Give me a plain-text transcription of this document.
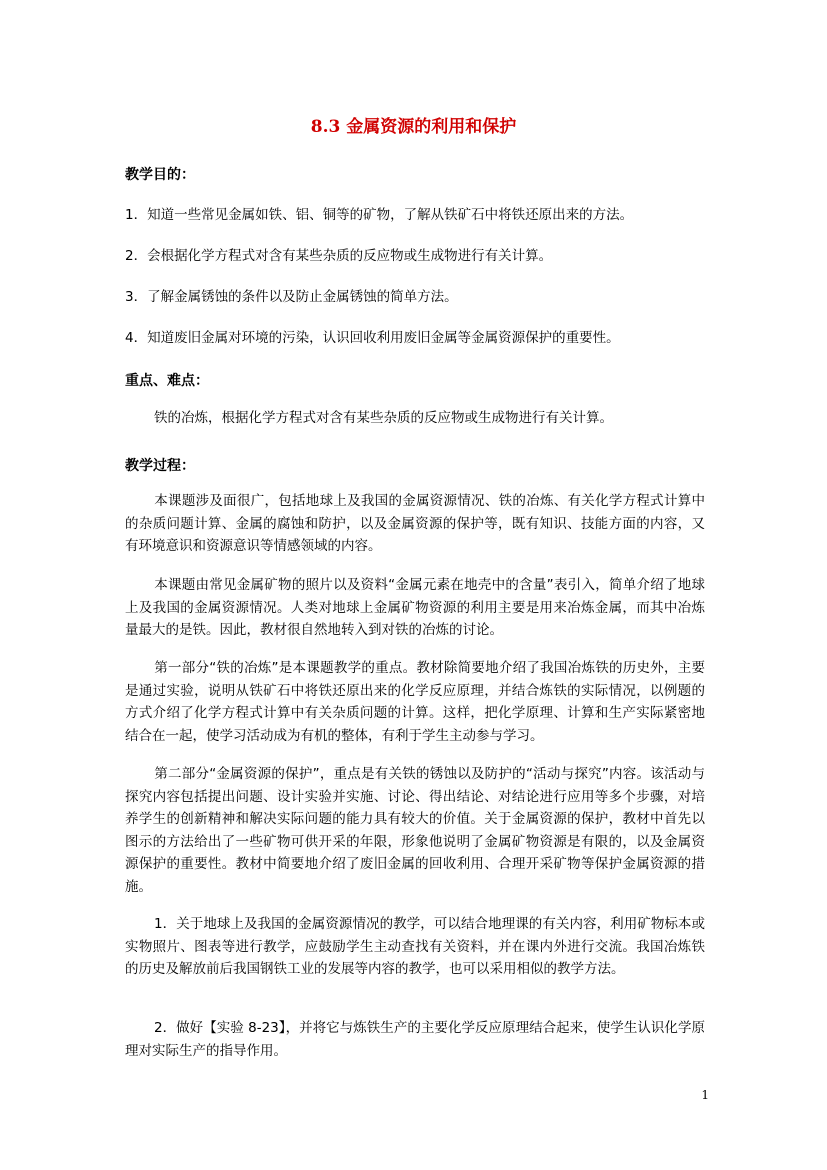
8.3 金属资源的利用和保护
教学目的：
1．知道一些常见金属如铁、铝、铜等的矿物，了解从铁矿石中将铁还原出来的方法。
2．会根据化学方程式对含有某些杂质的反应物或生成物进行有关计算。
3．了解金属锈蚀的条件以及防止金属锈蚀的简单方法。
4．知道废旧金属对环境的污染，认识回收利用废旧金属等金属资源保护的重要性。
重点、难点：
铁的冶炼，根据化学方程式对含有某些杂质的反应物或生成物进行有关计算。
教学过程：
本课题涉及面很广，包括地球上及我国的金属资源情况、铁的冶炼、有关化学方程式计算中的杂质问题计算、金属的腐蚀和防护，以及金属资源的保护等，既有知识、技能方面的内容，又有环境意识和资源意识等情感领域的内容。
本课题由常见金属矿物的照片以及资料“金属元素在地壳中的含量”表引入，简单介绍了地球上及我国的金属资源情况。人类对地球上金属矿物资源的利用主要是用来冶炼金属，而其中冶炼量最大的是铁。因此，教材很自然地转入到对铁的冶炼的讨论。
第一部分“铁的冶炼”是本课题教学的重点。教材除简要地介绍了我国冶炼铁的历史外，主要是通过实验，说明从铁矿石中将铁还原出来的化学反应原理，并结合炼铁的实际情况，以例题的方式介绍了化学方程式计算中有关杂质问题的计算。这样，把化学原理、计算和生产实际紧密地结合在一起，使学习活动成为有机的整体，有利于学生主动参与学习。
第二部分“金属资源的保护”，重点是有关铁的锈蚀以及防护的“活动与探究”内容。该活动与探究内容包括提出问题、设计实验并实施、讨论、得出结论、对结论进行应用等多个步骤，对培养学生的创新精神和解决实际问题的能力具有较大的价值。关于金属资源的保护，教材中首先以图示的方法给出了一些矿物可供开采的年限，形象他说明了金属矿物资源是有限的，以及金属资源保护的重要性。教材中简要地介绍了废旧金属的回收利用、合理开采矿物等保护金属资源的措施。
1．关于地球上及我国的金属资源情况的教学，可以结合地理课的有关内容，利用矿物标本或实物照片、图表等进行教学，应鼓励学生主动查找有关资料，并在课内外进行交流。我国冶炼铁的历史及解放前后我国钢铁工业的发展等内容的教学，也可以采用相似的教学方法。
2．做好【实验 8-23】，并将它与炼铁生产的主要化学反应原理结合起来，使学生认识化学原理对实际生产的指导作用。
1
